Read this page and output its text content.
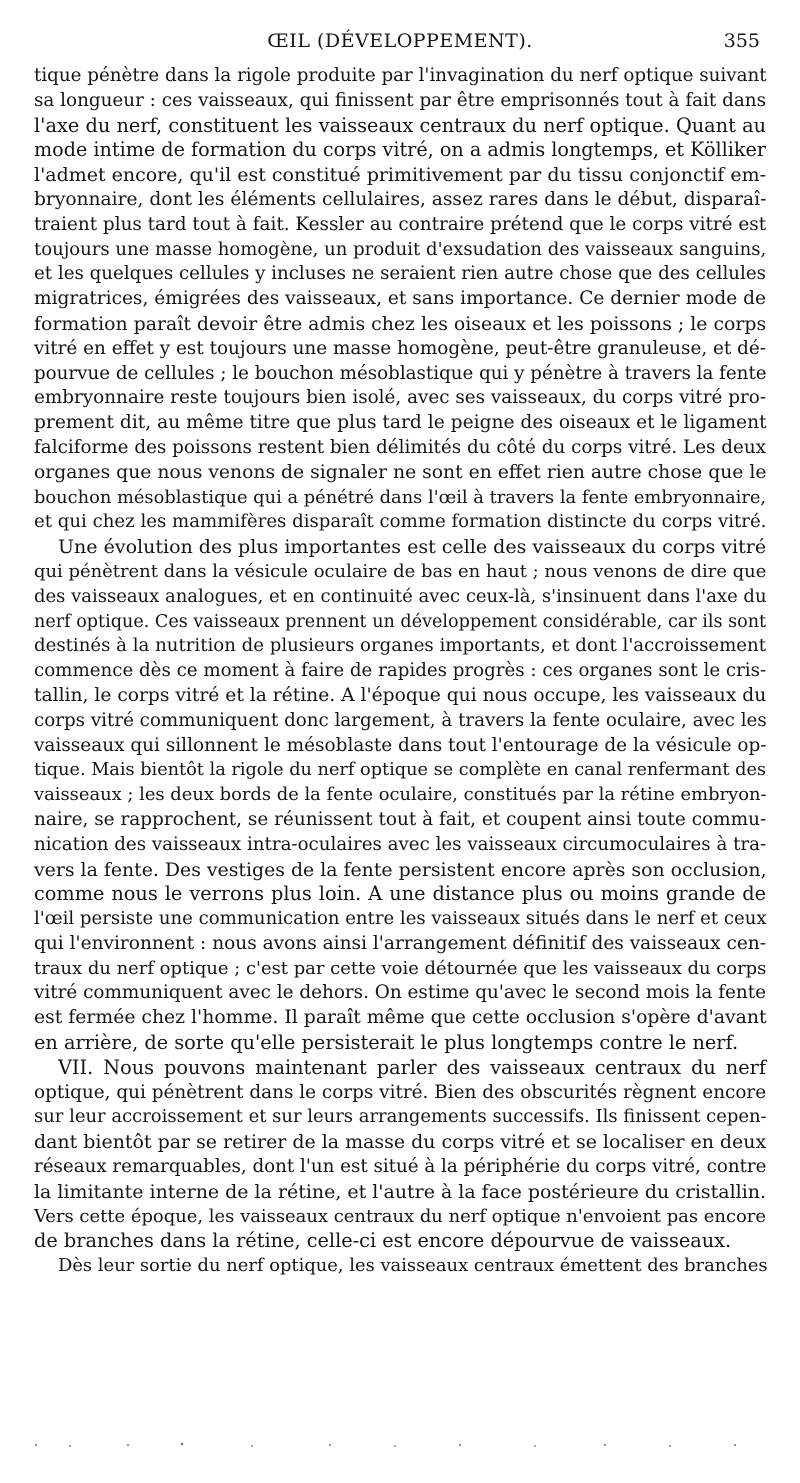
ŒIL (DÉVELOPPEMENT).	355
tique pénètre dans la rigole produite par l'invagination du nerf optique suivant
sa longueur : ces vaisseaux, qui finissent par être emprisonnés tout à fait dans
l'axe du nerf, constituent les vaisseaux centraux du nerf optique. Quant au
mode intime de formation du corps vitré, on a admis longtemps, et Kölliker
l'admet encore, qu'il est constitué primitivement par du tissu conjonctif em-
bryonnaire, dont les éléments cellulaires, assez rares dans le début, disparaî-
traient plus tard tout à fait. Kessler au contraire prétend que le corps vitré est
toujours une masse homogène, un produit d'exsudation des vaisseaux sanguins,
et les quelques cellules y incluses ne seraient rien autre chose que des cellules
migratrices, émigrées des vaisseaux, et sans importance. Ce dernier mode de
formation paraît devoir être admis chez les oiseaux et les poissons ; le corps
vitré en effet y est toujours une masse homogène, peut-être granuleuse, et dé-
pourvue de cellules ; le bouchon mésoblastique qui y pénètre à travers la fente
embryonnaire reste toujours bien isolé, avec ses vaisseaux, du corps vitré pro-
prement dit, au même titre que plus tard le peigne des oiseaux et le ligament
falciforme des poissons restent bien délimités du côté du corps vitré. Les deux
organes que nous venons de signaler ne sont en effet rien autre chose que le
bouchon mésoblastique qui a pénétré dans l'œil à travers la fente embryonnaire,
et qui chez les mammifères disparaît comme formation distincte du corps vitré.
Une évolution des plus importantes est celle des vaisseaux du corps vitré
qui pénètrent dans la vésicule oculaire de bas en haut ; nous venons de dire que
des vaisseaux analogues, et en continuité avec ceux-là, s'insinuent dans l'axe du
nerf optique. Ces vaisseaux prennent un développement considérable, car ils sont
destinés à la nutrition de plusieurs organes importants, et dont l'accroissement
commence dès ce moment à faire de rapides progrès : ces organes sont le cris-
tallin, le corps vitré et la rétine. A l'époque qui nous occupe, les vaisseaux du
corps vitré communiquent donc largement, à travers la fente oculaire, avec les
vaisseaux qui sillonnent le mésoblaste dans tout l'entourage de la vésicule op-
tique. Mais bientôt la rigole du nerf optique se complète en canal renfermant des
vaisseaux ; les deux bords de la fente oculaire, constitués par la rétine embryon-
naire, se rapprochent, se réunissent tout à fait, et coupent ainsi toute commu-
nication des vaisseaux intra-oculaires avec les vaisseaux circumoculaires à tra-
vers la fente. Des vestiges de la fente persistent encore après son occlusion,
comme nous le verrons plus loin. A une distance plus ou moins grande de
l'œil persiste une communication entre les vaisseaux situés dans le nerf et ceux
qui l'environnent : nous avons ainsi l'arrangement définitif des vaisseaux cen-
traux du nerf optique ; c'est par cette voie détournée que les vaisseaux du corps
vitré communiquent avec le dehors. On estime qu'avec le second mois la fente
est fermée chez l'homme. Il paraît même que cette occlusion s'opère d'avant
en arrière, de sorte qu'elle persisterait le plus longtemps contre le nerf.
VII. Nous pouvons maintenant parler des vaisseaux centraux du nerf
optique, qui pénètrent dans le corps vitré. Bien des obscurités règnent encore
sur leur accroissement et sur leurs arrangements successifs. Ils finissent cepen-
dant bientôt par se retirer de la masse du corps vitré et se localiser en deux
réseaux remarquables, dont l'un est situé à la périphérie du corps vitré, contre
la limitante interne de la rétine, et l'autre à la face postérieure du cristallin.
Vers cette époque, les vaisseaux centraux du nerf optique n'envoient pas encore
de branches dans la rétine, celle-ci est encore dépourvue de vaisseaux.
Dès leur sortie du nerf optique, les vaisseaux centraux émettent des branches
